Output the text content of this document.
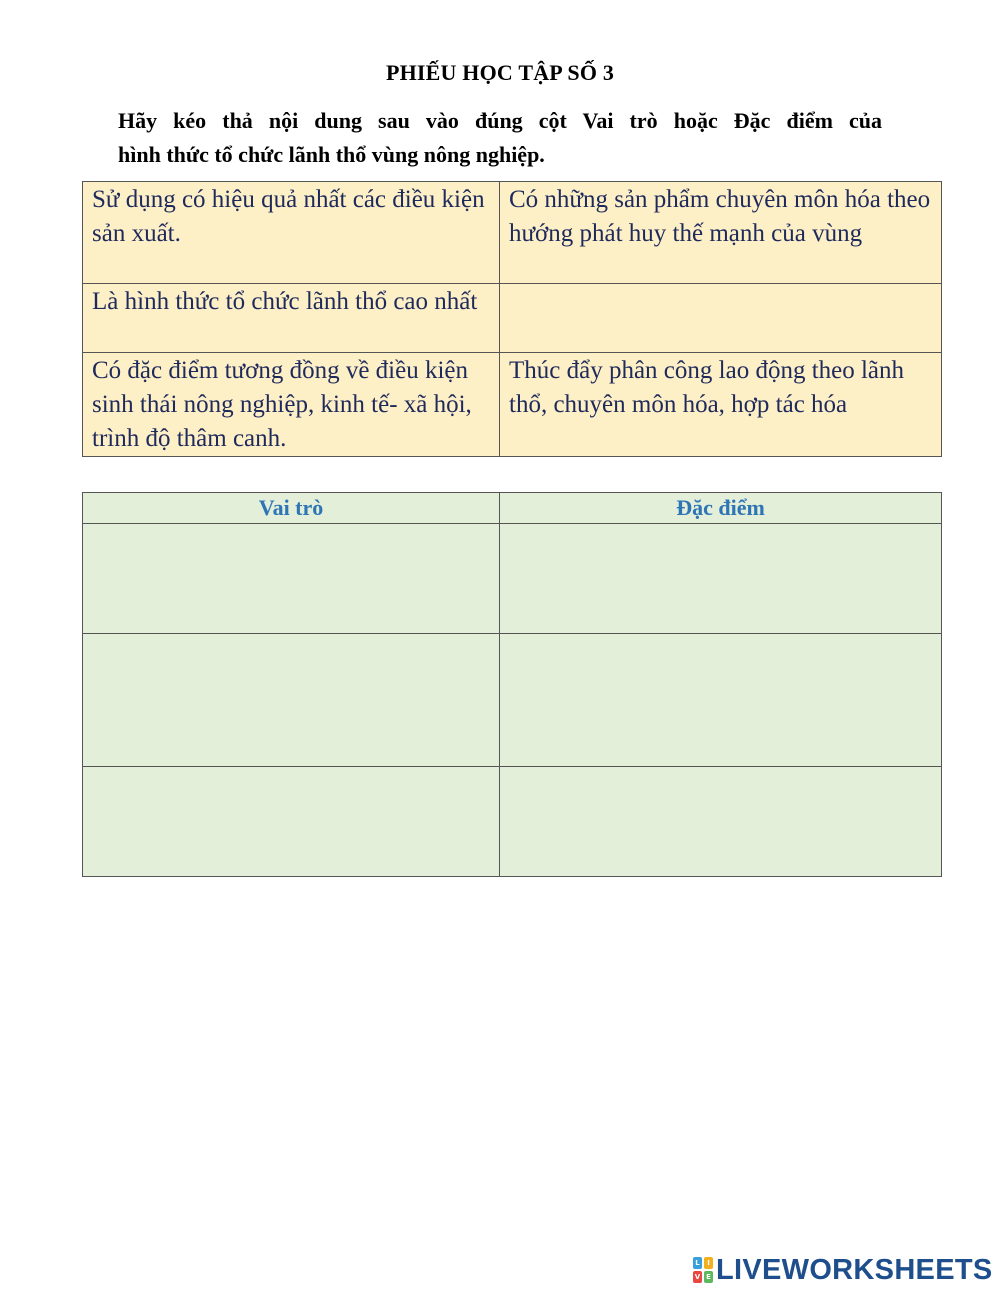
PHIẾU HỌC TẬP SỐ 3
Hãy kéo thả nội dung sau vào đúng cột Vai trò hoặc Đặc điểm của
hình thức tổ chức lãnh thổ vùng nông nghiệp.
Sử dụng có hiệu quả nhất các điều kiện sản xuất.	Có những sản phẩm chuyên môn hóa theo hướng phát huy thế mạnh của vùng
Là hình thức tổ chức lãnh thổ cao nhất	
Có đặc điểm tương đồng về điều kiện sinh thái nông nghiệp, kinh tế- xã hội, trình độ thâm canh.	Thúc đẩy phân công lao động theo lãnh thổ, chuyên môn hóa, hợp tác hóa
Vai trò	Đặc điểm

L	I
V E LIVEWORKSHEETS
